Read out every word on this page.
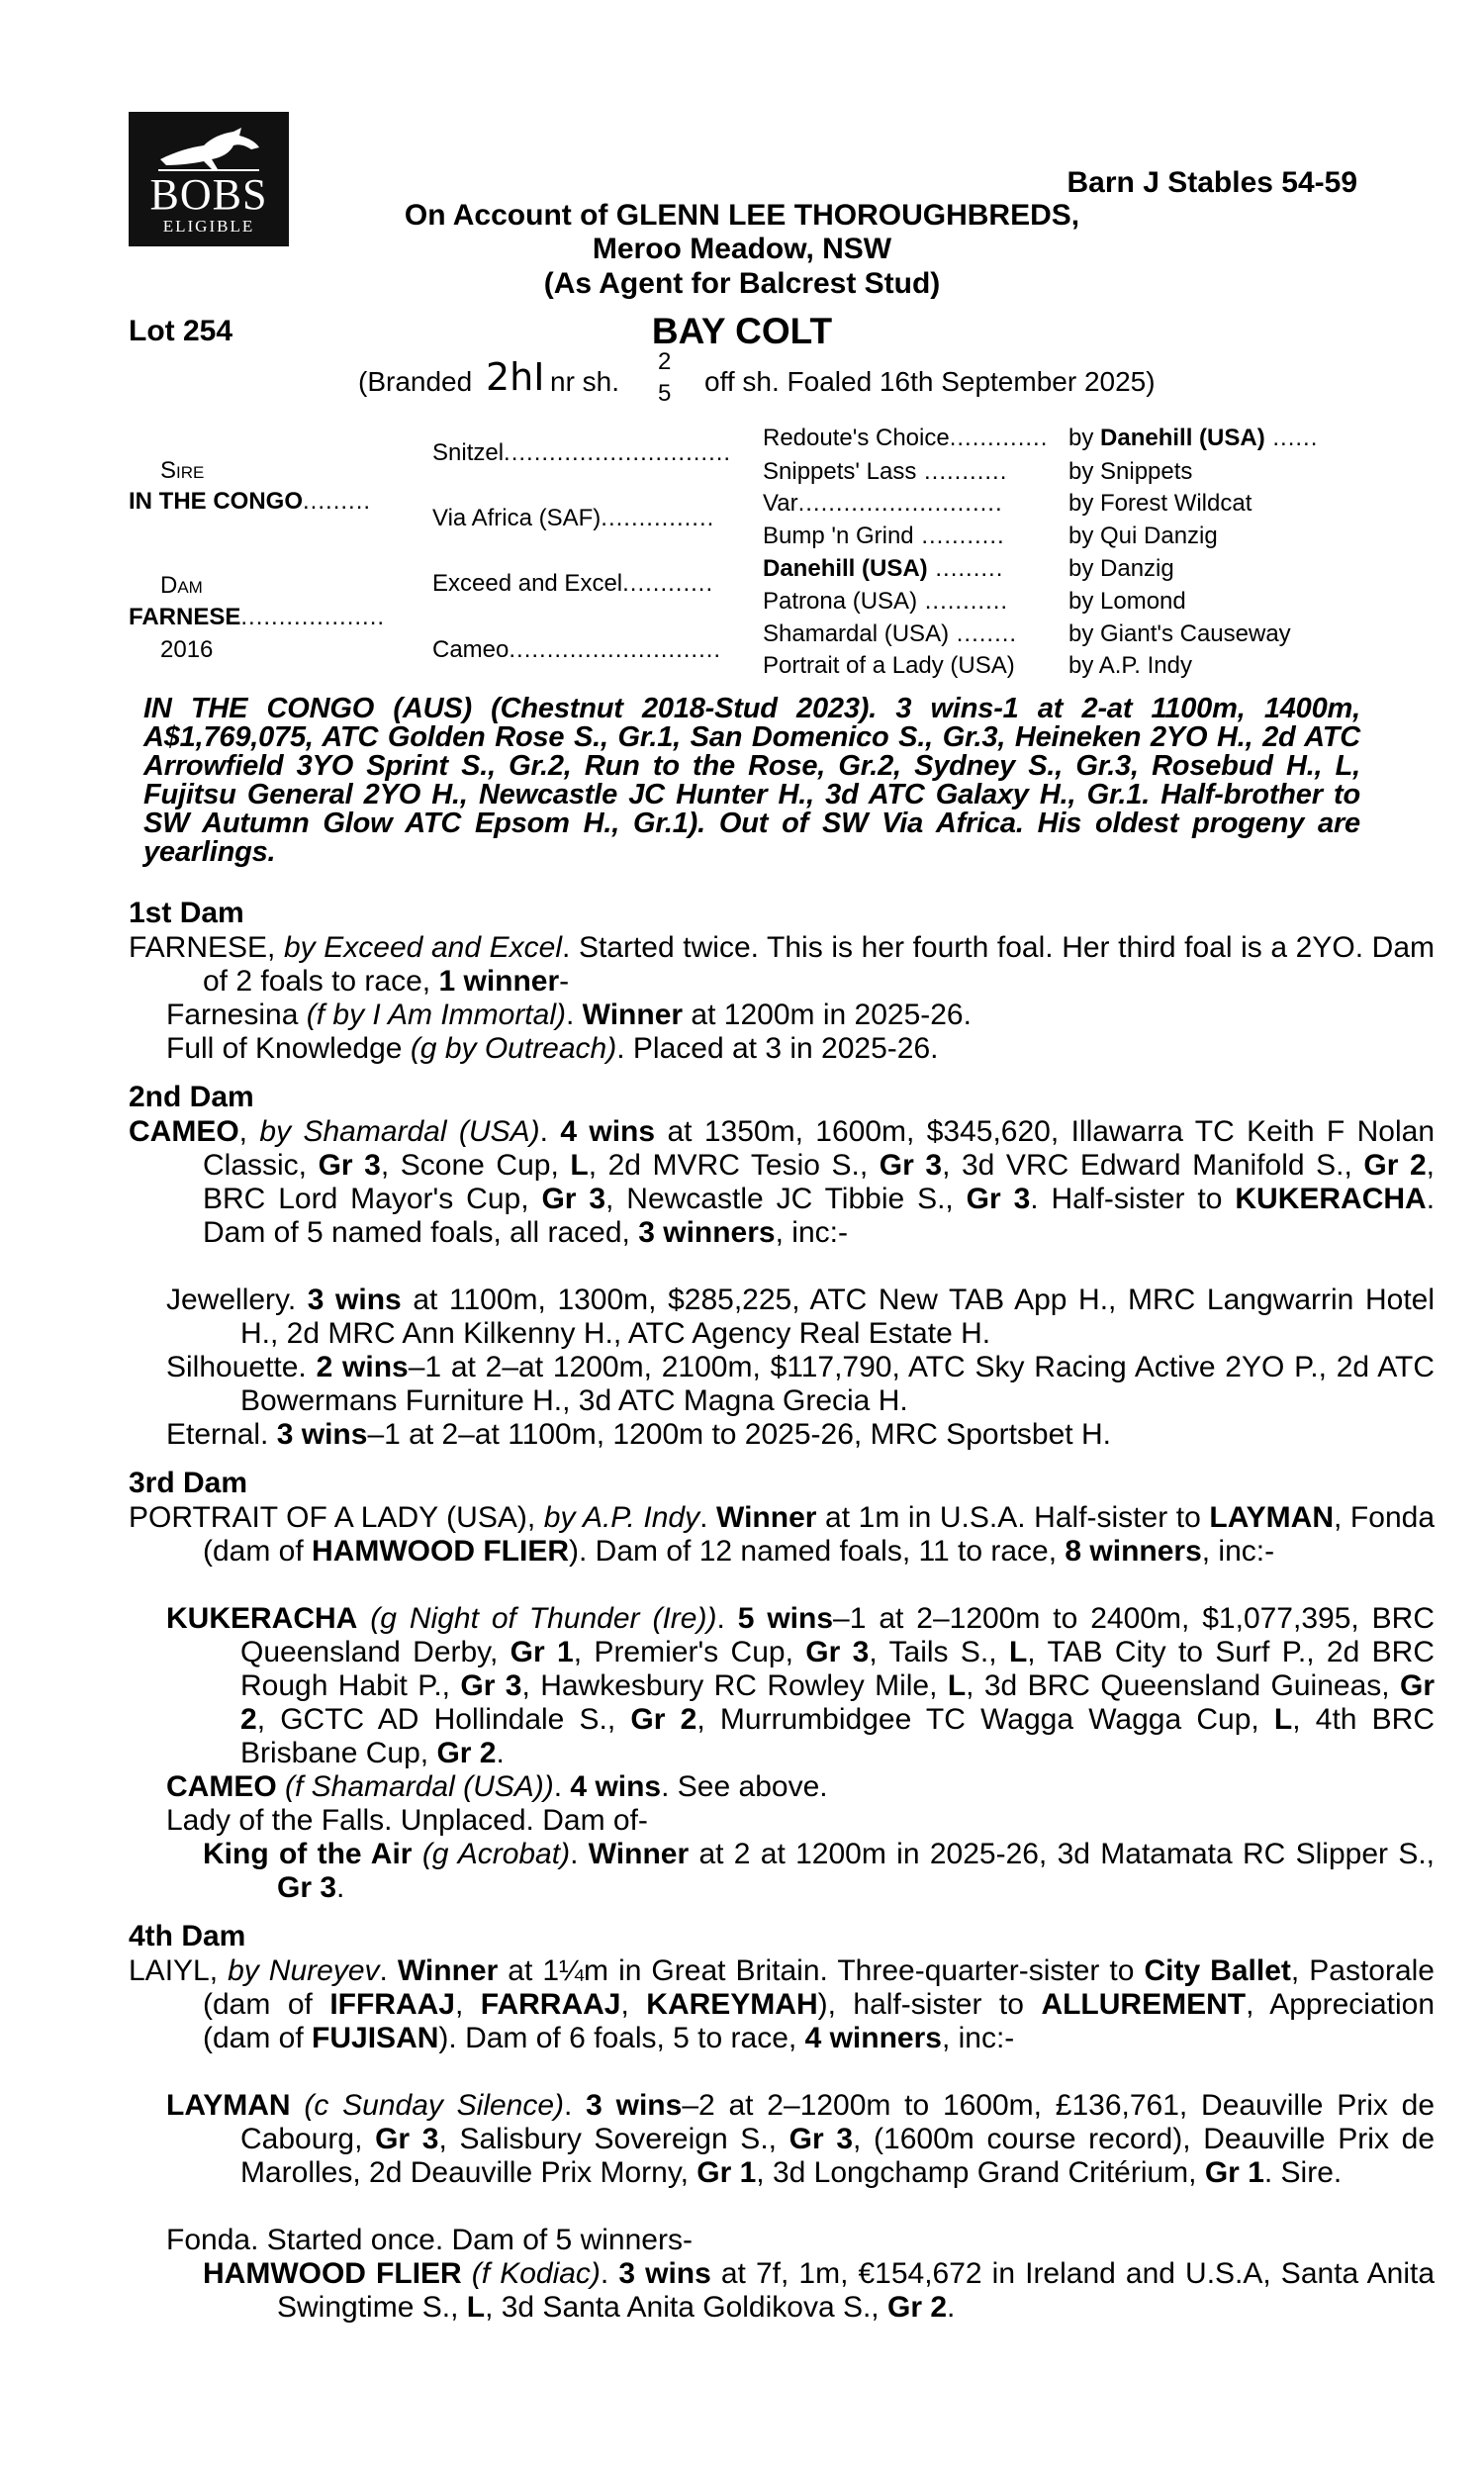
BOBS
ELIGIBLE
Barn J Stables 54-59
On Account of GLENN LEE THOROUGHBREDS,
Meroo Meadow, NSW
(As Agent for Balcrest Stud)
Lot 254	BAY COLT
(Branded 2hI nr sh.
2
5 off sh. Foaled 16th September 2025)
Sire
IN THE CONGO.........
Dam
FARNESE...................
2016
Snitzel..............................
Via Africa (SAF)...............
Exceed and Excel............
Cameo............................
Redoute's Choice.............
Snippets' Lass ...........
Var...........................
Bump 'n Grind ...........
Danehill (USA) .........
Patrona (USA) ...........
Shamardal (USA) ........
Portrait of a Lady (USA)
by Danehill (USA) ......
by Snippets
by Forest Wildcat
by Qui Danzig
by Danzig
by Lomond
by Giant's Causeway
by A.P. Indy
IN THE CONGO (AUS) (Chestnut 2018-Stud 2023). 3 wins-1 at 2-at 1100m, 1400m, A$1,769,075, ATC Golden Rose S., Gr.1, San Domenico S., Gr.3, Heineken 2YO H., 2d ATC Arrowfield 3YO Sprint S., Gr.2, Run to the Rose, Gr.2, Sydney S., Gr.3, Rosebud H., L, Fujitsu General 2YO H., Newcastle JC Hunter H., 3d ATC Galaxy H., Gr.1. Half-brother to SW Autumn Glow ATC Epsom H., Gr.1). Out of SW Via Africa. His oldest progeny are yearlings.
1st Dam
FARNESE, by Exceed and Excel. Started twice. This is her fourth foal. Her third foal is a 2YO. Dam of 2 foals to race, 1 winner-
Farnesina (f by I Am Immortal). Winner at 1200m in 2025-26.
Full of Knowledge (g by Outreach). Placed at 3 in 2025-26.
2nd Dam
CAMEO, by Shamardal (USA). 4 wins at 1350m, 1600m, $345,620, Illawarra TC Keith F Nolan Classic, Gr 3, Scone Cup, L, 2d MVRC Tesio S., Gr 3, 3d VRC Edward Manifold S., Gr 2, BRC Lord Mayor's Cup, Gr 3, Newcastle JC Tibbie S., Gr 3. Half-sister to KUKERACHA. Dam of 5 named foals, all raced, 3 winners, inc:-
Jewellery. 3 wins at 1100m, 1300m, $285,225, ATC New TAB App H., MRC Langwarrin Hotel H., 2d MRC Ann Kilkenny H., ATC Agency Real Estate H.
Silhouette. 2 wins–1 at 2–at 1200m, 2100m, $117,790, ATC Sky Racing Active 2YO P., 2d ATC Bowermans Furniture H., 3d ATC Magna Grecia H.
Eternal. 3 wins–1 at 2–at 1100m, 1200m to 2025-26, MRC Sportsbet H.
3rd Dam
PORTRAIT OF A LADY (USA), by A.P. Indy. Winner at 1m in U.S.A. Half-sister to LAYMAN, Fonda (dam of HAMWOOD FLIER). Dam of 12 named foals, 11 to race, 8 winners, inc:-
KUKERACHA (g Night of Thunder (Ire)). 5 wins–1 at 2–1200m to 2400m, $1,077,395, BRC Queensland Derby, Gr 1, Premier's Cup, Gr 3, Tails S., L, TAB City to Surf P., 2d BRC Rough Habit P., Gr 3, Hawkesbury RC Rowley Mile, L, 3d BRC Queensland Guineas, Gr 2, GCTC AD Hollindale S., Gr 2, Murrumbidgee TC Wagga Wagga Cup, L, 4th BRC Brisbane Cup, Gr 2.
CAMEO (f Shamardal (USA)). 4 wins. See above.
Lady of the Falls. Unplaced. Dam of-
King of the Air (g Acrobat). Winner at 2 at 1200m in 2025-26, 3d Matamata RC Slipper S., Gr 3.
4th Dam
LAIYL, by Nureyev. Winner at 1¼m in Great Britain. Three-quarter-sister to City Ballet, Pastorale (dam of IFFRAAJ, FARRAAJ, KAREYMAH), half-sister to ALLUREMENT, Appreciation (dam of FUJISAN). Dam of 6 foals, 5 to race, 4 winners, inc:-
LAYMAN (c Sunday Silence). 3 wins–2 at 2–1200m to 1600m, £136,761, Deauville Prix de Cabourg, Gr 3, Salisbury Sovereign S., Gr 3, (1600m course record), Deauville Prix de Marolles, 2d Deauville Prix Morny, Gr 1, 3d Longchamp Grand Critérium, Gr 1. Sire.
Fonda. Started once. Dam of 5 winners-
HAMWOOD FLIER (f Kodiac). 3 wins at 7f, 1m, €154,672 in Ireland and U.S.A, Santa Anita Swingtime S., L, 3d Santa Anita Goldikova S., Gr 2.
